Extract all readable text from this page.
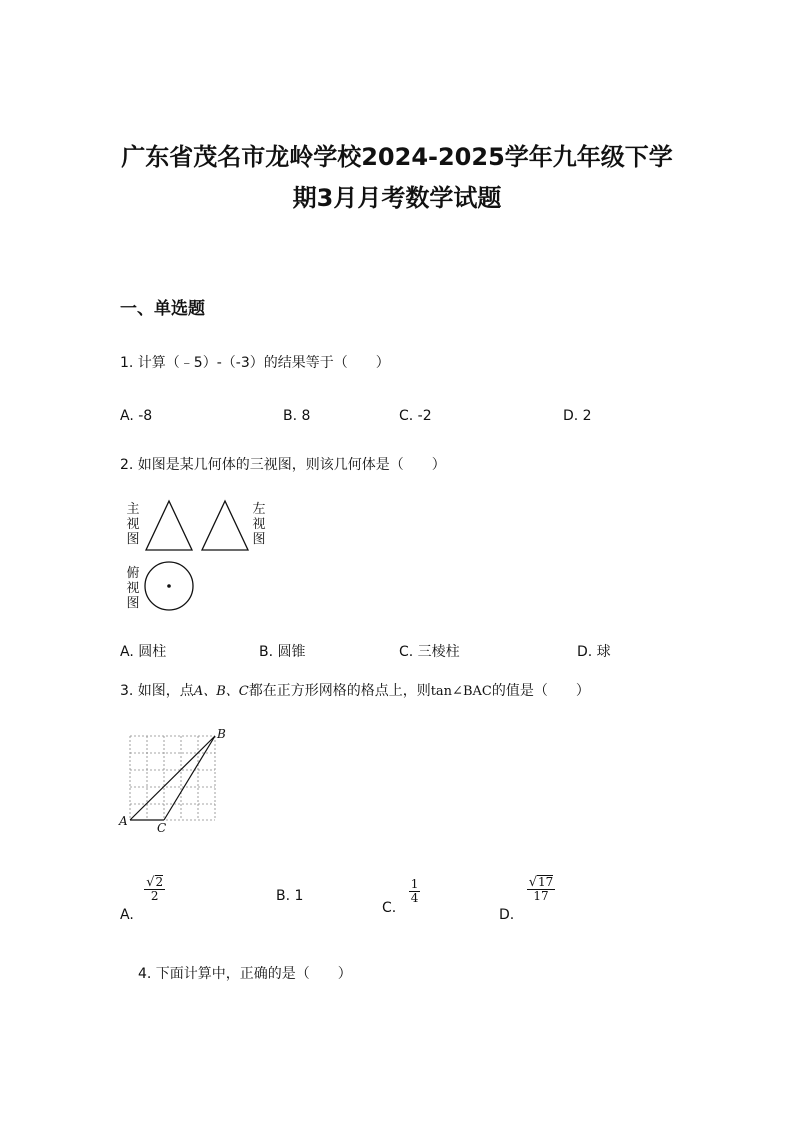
广东省茂名市龙岭学校2024-2025学年九年级下学
期3月月考数学试题
一、单选题
1. 计算（﹣5）-（-3）的结果等于（　　）
A. -8	B. 8	C. -2	D. 2
2. 如图是某几何体的三视图，则该几何体是（　　）
主
视
图
左
视
图
俯
视
图
A. 圆柱	B. 圆锥	C. 三棱柱	D. 球
3. 如图，点A、B、C都在正方形网格的格点上，则tan∠BAC的值是（　　）
A C
B
A.
$\frac{√2}{2}$	B. 1
C.
$\frac{1}{4}$
D.
$\frac{√17}{17}$
4. 下面计算中，正确的是（　　）
